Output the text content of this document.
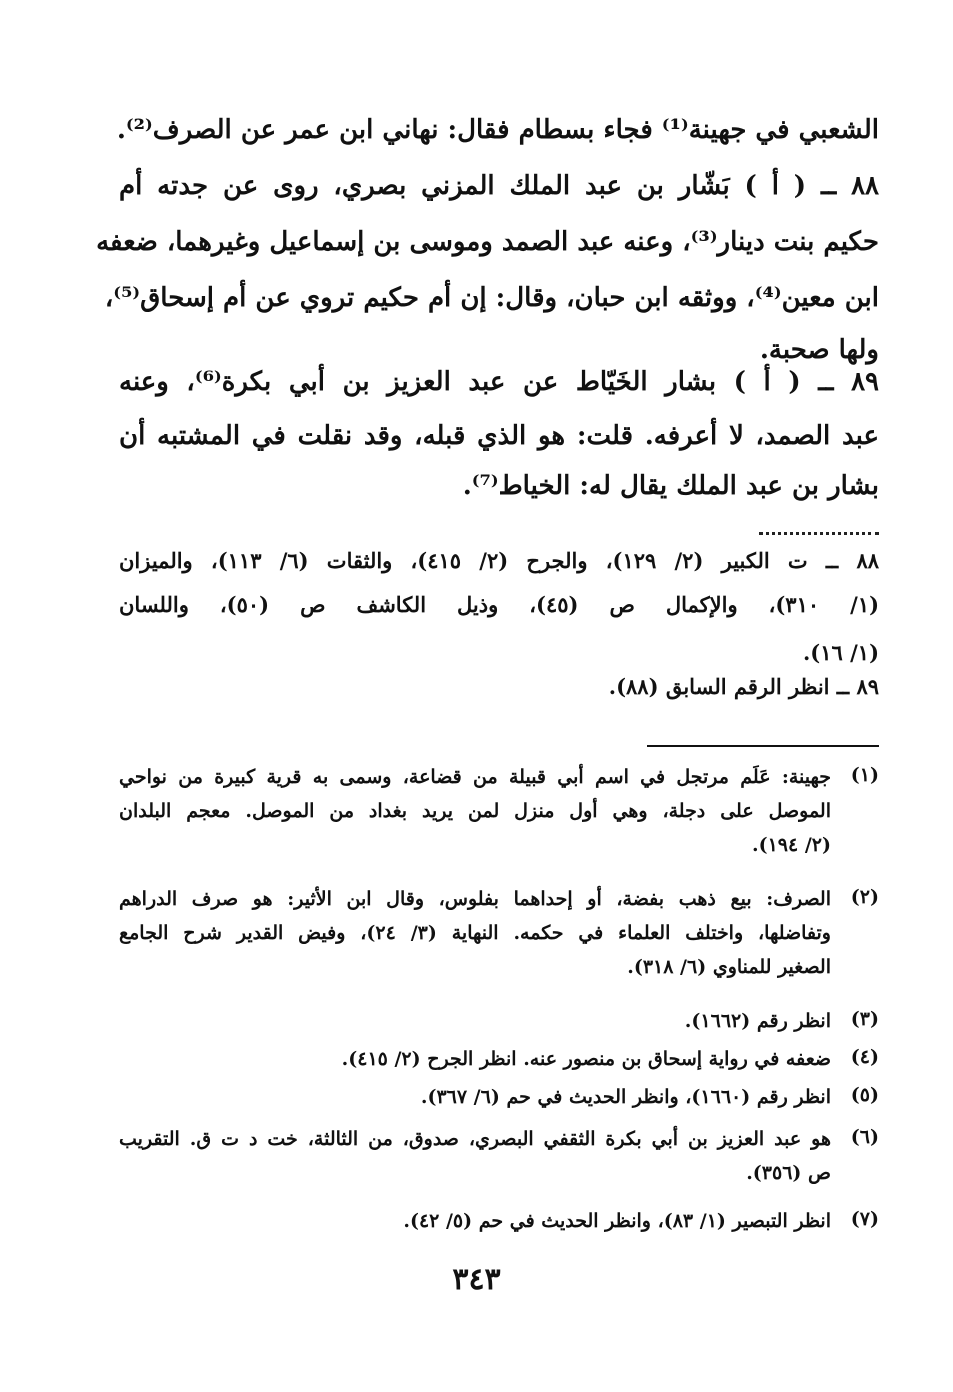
الشعبي في جهينة⁽¹⁾ فجاء بسطام فقال: نهاني ابن عمر عن الصرف⁽²⁾.
٨٨ ــ ( أ ) بَشّار بن عبد الملك المزني بصري، روى عن جدته أم
حكيم بنت دينار⁽³⁾، وعنه عبد الصمد وموسى بن إسماعيل وغيرهما، ضعفه
ابن معين⁽⁴⁾، ووثقه ابن حبان، وقال: إن أم حكيم تروي عن أم إسحاق⁽⁵⁾،
ولها صحبة.
٨٩ ــ ( أ ) بشار الخَيّاط عن عبد العزيز بن أبي بكرة⁽⁶⁾، وعنه
عبد الصمد، لا أعرفه. قلت: هو الذي قبله، وقد نقلت في المشتبه أن
بشار بن عبد الملك يقال له: الخياط⁽⁷⁾.
٨٨ ــ ت الكبير (٢/ ١٢٩)، والجرح (٢/ ٤١٥)، والثقات (٦/ ١١٣)، والميزان
(١/ ٣١٠)، والإكمال ص (٤٥)، وذيل الكاشف ص (٥٠)، واللسان
(١/ ١٦).
٨٩ ــ انظر الرقم السابق (٨٨).
(١)
جهينة: عَلَم مرتجل في اسم أبي قبيلة من قضاعة، وسمى به قرية كبيرة من نواحي
الموصل على دجلة، وهي أول منزل لمن يريد بغداد من الموصل. معجم البلدان
(٢/ ١٩٤).
(٢)
الصرف: بيع ذهب بفضة، أو إحداهما بفلوس، وقال ابن الأثير: هو صرف الدراهم
وتفاضلها، واختلف العلماء في حكمه. النهاية (٣/ ٢٤)، وفيض القدير شرح الجامع
الصغير للمناوي (٦/ ٣١٨).
(٣)
انظر رقم (١٦٦٢).
(٤)
ضعفه في رواية إسحاق بن منصور عنه. انظر الجرح (٢/ ٤١٥).
(٥)
انظر رقم (١٦٦٠)، وانظر الحديث في حم (٦/ ٣٦٧).
(٦)
هو عبد العزيز بن أبي بكرة الثقفي البصري، صدوق، من الثالثة، خت د ت ق. التقريب
ص (٣٥٦).
(٧)
انظر التبصير (١/ ٨٣)، وانظر الحديث في حم (٥/ ٤٢).
٣٤٣
